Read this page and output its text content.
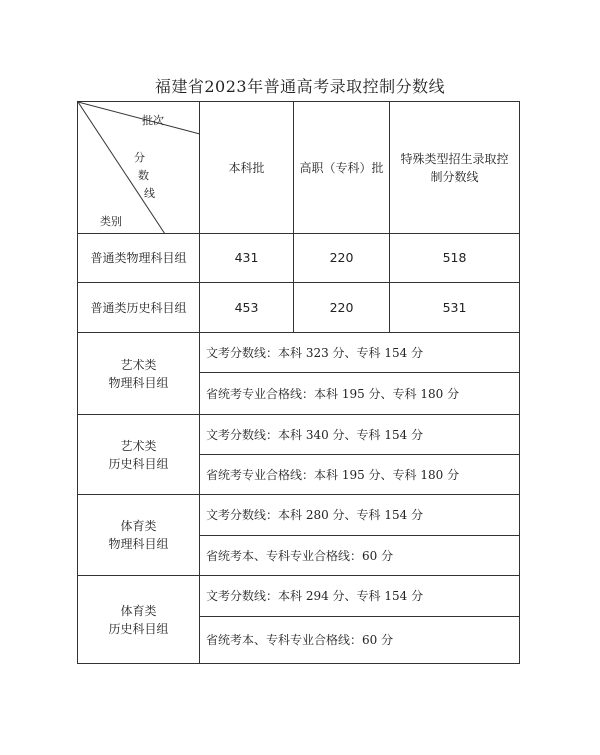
福建省2023年普通高考录取控制分数线
批次
分
数
线
类别	本科批	高职（专科）批	特殊类型招生录取控制分数线
普通类物理科目组	431	220	518
普通类历史科目组	453	220	531
艺术类
物理科目组	文考分数线：本科 323 分、专科 154 分		
	省统考专业合格线：本科 195 分、专科 180 分		
艺术类
历史科目组	文考分数线：本科 340 分、专科 154 分		
	省统考专业合格线：本科 195 分、专科 180 分		
体育类
物理科目组	文考分数线：本科 280 分、专科 154 分		
	省统考本、专科专业合格线：60 分		
体育类
历史科目组	文考分数线：本科 294 分、专科 154 分		
	省统考本、专科专业合格线：60 分		
